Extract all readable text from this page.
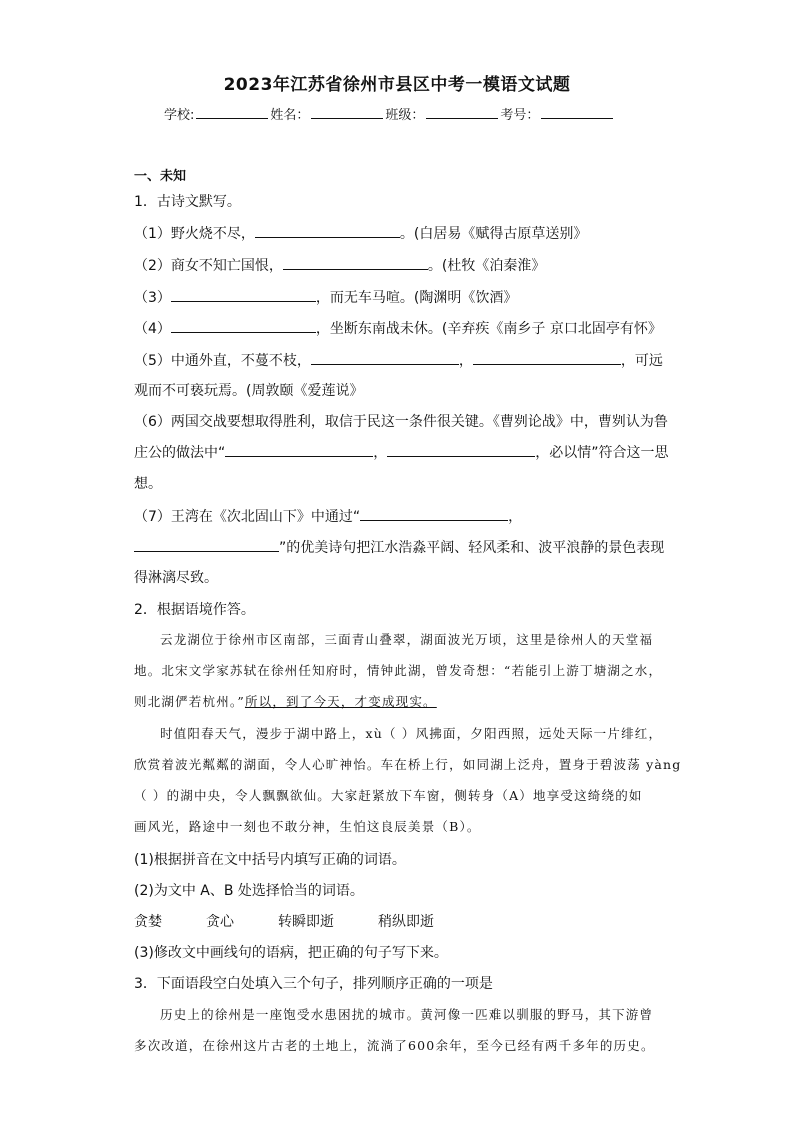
2023年江苏省徐州市县区中考一模语文试题
学校:	姓名：	班级：	考号：
一、未知
1．古诗文默写。
（1）野火烧不尽，	。(白居易《赋得古原草送别》
（2）商女不知亡国恨，	。(杜牧《泊秦淮》
（3）	，而无车马喧。(陶渊明《饮酒》
（4）	，坐断东南战未休。(辛弃疾《南乡子 京口北固亭有怀》
（5）中通外直，不蔓不枝，	，	，可远
观而不可亵玩焉。(周敦颐《爱莲说》
（6）两国交战要想取得胜利，取信于民这一条件很关键。《曹刿论战》中，曹刿认为鲁
庄公的做法中“	，	，必以情”符合这一思
想。
（7）王湾在《次北固山下》中通过“	，
”的优美诗句把江水浩淼平阔、轻风柔和、波平浪静的景色表现
得淋漓尽致。
2．根据语境作答。
云龙湖位于徐州市区南部，三面青山叠翠，湖面波光万顷，这里是徐州人的天堂福
地。北宋文学家苏轼在徐州任知府时，情钟此湖，曾发奇想：“若能引上游丁塘湖之水，
则北湖俨若杭州。”所以，到了今天，才变成现实。
时值阳春天气，漫步于湖中路上，xù（ ）风拂面，夕阳西照，远处天际一片绯红，
欣赏着波光粼粼的湖面，令人心旷神怡。车在桥上行，如同湖上泛舟，置身于碧波荡 yàng
（ ）的湖中央，令人飘飘欲仙。大家赶紧放下车窗，侧转身（A）地享受这绮绕的如
画风光，路途中一刻也不敢分神，生怕这良辰美景（B）。
(1)根据拼音在文中括号内填写正确的词语。
(2)为文中 A、B 处选择恰当的词语。
贪婪	贪心	转瞬即逝	稍纵即逝
(3)修改文中画线句的语病，把正确的句子写下来。
3．下面语段空白处填入三个句子，排列顺序正确的一项是
历史上的徐州是一座饱受水患困扰的城市。黄河像一匹难以驯服的野马，其下游曾
多次改道，在徐州这片古老的土地上，流淌了600余年，至今已经有两千多年的历史。
